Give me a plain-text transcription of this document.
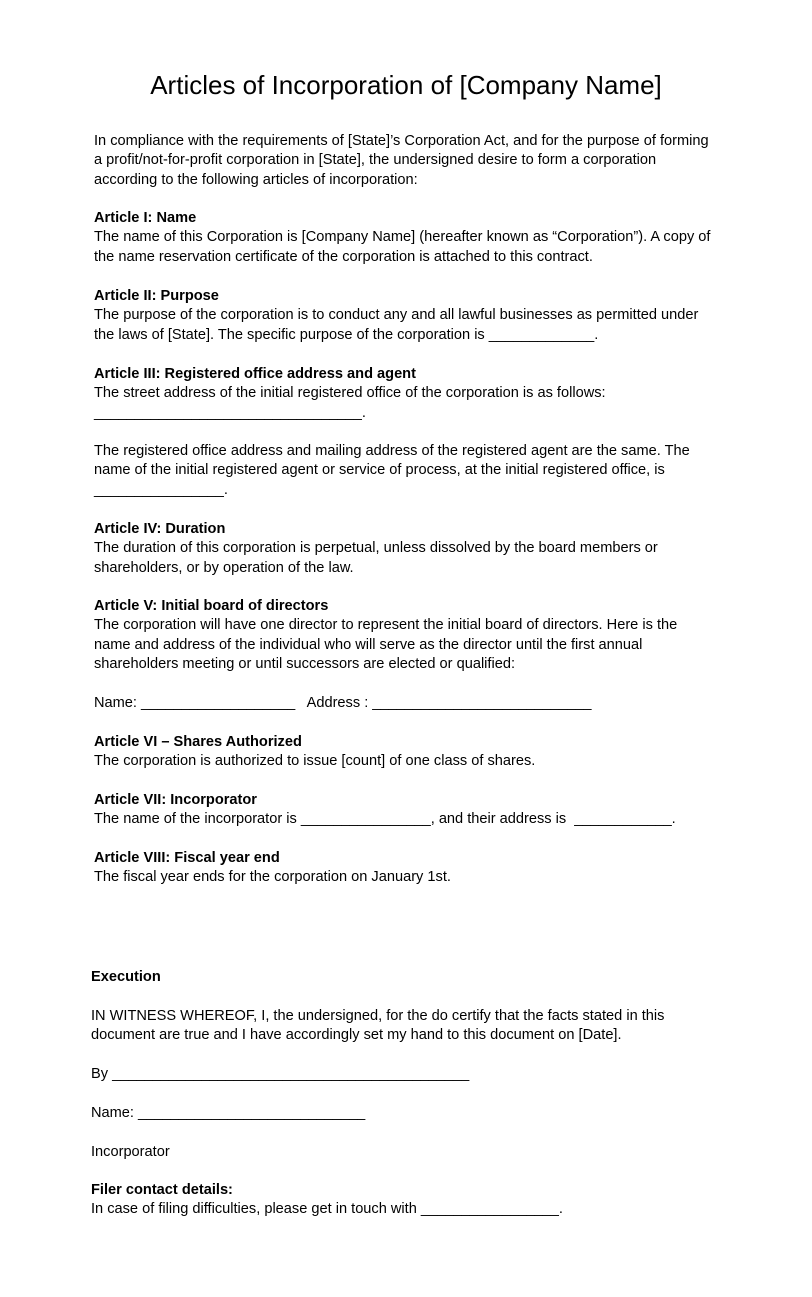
Articles of Incorporation of [Company Name]

In compliance with the requirements of [State]’s Corporation Act, and for the purpose of forming
a profit/not-for-profit corporation in [State], the undersigned desire to form a corporation
according to the following articles of incorporation:

Article I: Name

The name of this Corporation is [Company Name] (hereafter known as “Corporation”). A copy of
the name reservation certificate of the corporation is attached to this contract.

Article II: Purpose

The purpose of the corporation is to conduct any and all lawful businesses as permitted under
the laws of [State]. The specific purpose of the corporation is _____________.

Article III: Registered office address and agent

The street address of the initial registered office of the corporation is as follows:
_________________________________.

The registered office address and mailing address of the registered agent are the same. The
name of the initial registered agent or service of process, at the initial registered office, is
________________.

Article IV: Duration

The duration of this corporation is perpetual, unless dissolved by the board members or
shareholders, or by operation of the law.

Article V: Initial board of directors

The corporation will have one director to represent the initial board of directors. Here is the
name and address of the individual who will serve as the director until the first annual
shareholders meeting or until successors are elected or qualified:

Name: ___________________   Address : ___________________________

Article VI – Shares Authorized

The corporation is authorized to issue [count] of one class of shares.

Article VII: Incorporator

The name of the incorporator is ________________, and their address is  ____________.

Article VIII: Fiscal year end

The fiscal year ends for the corporation on January 1st.

Execution

IN WITNESS WHEREOF, I, the undersigned, for the do certify that the facts stated in this
document are true and I have accordingly set my hand to this document on [Date].

By ____________________________________________

Name: ____________________________

Incorporator

Filer contact details:

In case of filing difficulties, please get in touch with _________________.
